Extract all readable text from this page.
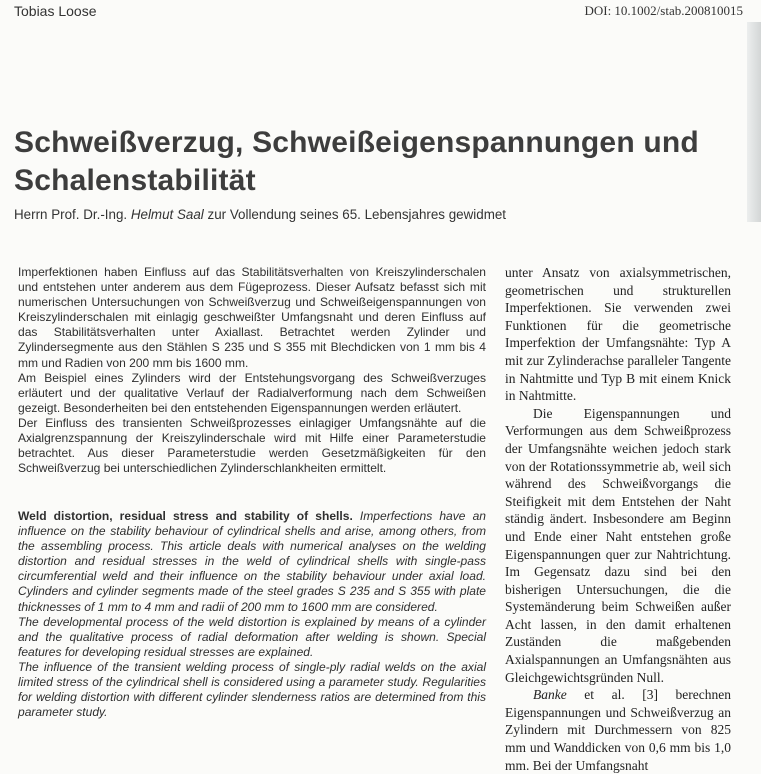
Tobias Loose	DOI: 10.1002/stab.200810015
Schweißverzug, Schweißeigenspannungen und Schalenstabilität
Herrn Prof. Dr.-Ing. Helmut Saal zur Vollendung seines 65. Lebensjahres gewidmet

Imperfektionen haben Einfluss auf das Stabilitätsverhalten von Kreiszylinderschalen und entstehen unter anderem aus dem Fügeprozess. Dieser Aufsatz befasst sich mit numerischen Untersuchungen von Schweißverzug und Schweißeigenspannungen von Kreiszylinderschalen mit einlagig geschweißter Umfangsnaht und deren Einfluss auf das Stabilitätsverhalten unter Axiallast. Betrachtet werden Zylinder und Zylindersegmente aus den Stählen S 235 und S 355 mit Blechdicken von 1 mm bis 4 mm und Radien von 200 mm bis 1600 mm.

Am Beispiel eines Zylinders wird der Entstehungsvorgang des Schweißverzuges erläutert und der qualitative Verlauf der Radialverformung nach dem Schweißen gezeigt. Besonderheiten bei den entstehenden Eigenspannungen werden erläutert.

Der Einfluss des transienten Schweißprozesses einlagiger Umfangsnähte auf die Axialgrenzspannung der Kreiszylinderschale wird mit Hilfe einer Parameterstudie betrachtet. Aus dieser Parameterstudie werden Gesetzmäßigkeiten für den Schweißverzug bei unterschiedlichen Zylinderschlankheiten ermittelt.

Weld distortion, residual stress and stability of shells. Imperfections have an influence on the stability behaviour of cylindrical shells and arise, among others, from the assembling process. This article deals with numerical analyses on the welding distortion and residual stresses in the weld of cylindrical shells with single-pass circumferential weld and their influence on the stability behaviour under axial load. Cylinders and cylinder segments made of the steel grades S 235 and S 355 with plate thicknesses of 1 mm to 4 mm and radii of 200 mm to 1600 mm are considered.

The developmental process of the weld distortion is explained by means of a cylinder and the qualitative process of radial deformation after welding is shown. Special features for developing residual stresses are explained.

The influence of the transient welding process of single-ply radial welds on the axial limited stress of the cylindrical shell is considered using a parameter study. Regularities for welding distortion with different cylinder slenderness ratios are determined from this parameter study.

unter Ansatz von axialsymmetrischen, geometrischen und strukturellen Imperfektionen. Sie verwenden zwei Funktionen für die geometrische Imperfektion der Umfangsnähte: Typ A mit zur Zylinderachse paralleler Tangente in Nahtmitte und Typ B mit einem Knick in Nahtmitte.

Die Eigenspannungen und Verformungen aus dem Schweißprozess der Umfangsnähte weichen jedoch stark von der Rotationssymmetrie ab, weil sich während des Schweißvorgangs die Steifigkeit mit dem Entstehen der Naht ständig ändert. Insbesondere am Beginn und Ende einer Naht entstehen große Eigenspannungen quer zur Nahtrichtung. Im Gegensatz dazu sind bei den bisherigen Untersuchungen, die die Systemänderung beim Schweißen außer Acht lassen, in den damit erhaltenen Zuständen die maßgebenden Axialspannungen an Umfangsnähten aus Gleichgewichtsgründen Null.

Banke et al. [3] berechnen Eigenspannungen und Schweißverzug an Zylindern mit Durchmessern von 825 mm und Wanddicken von 0,6 mm bis 1,0 mm. Bei der Umfangsnaht
